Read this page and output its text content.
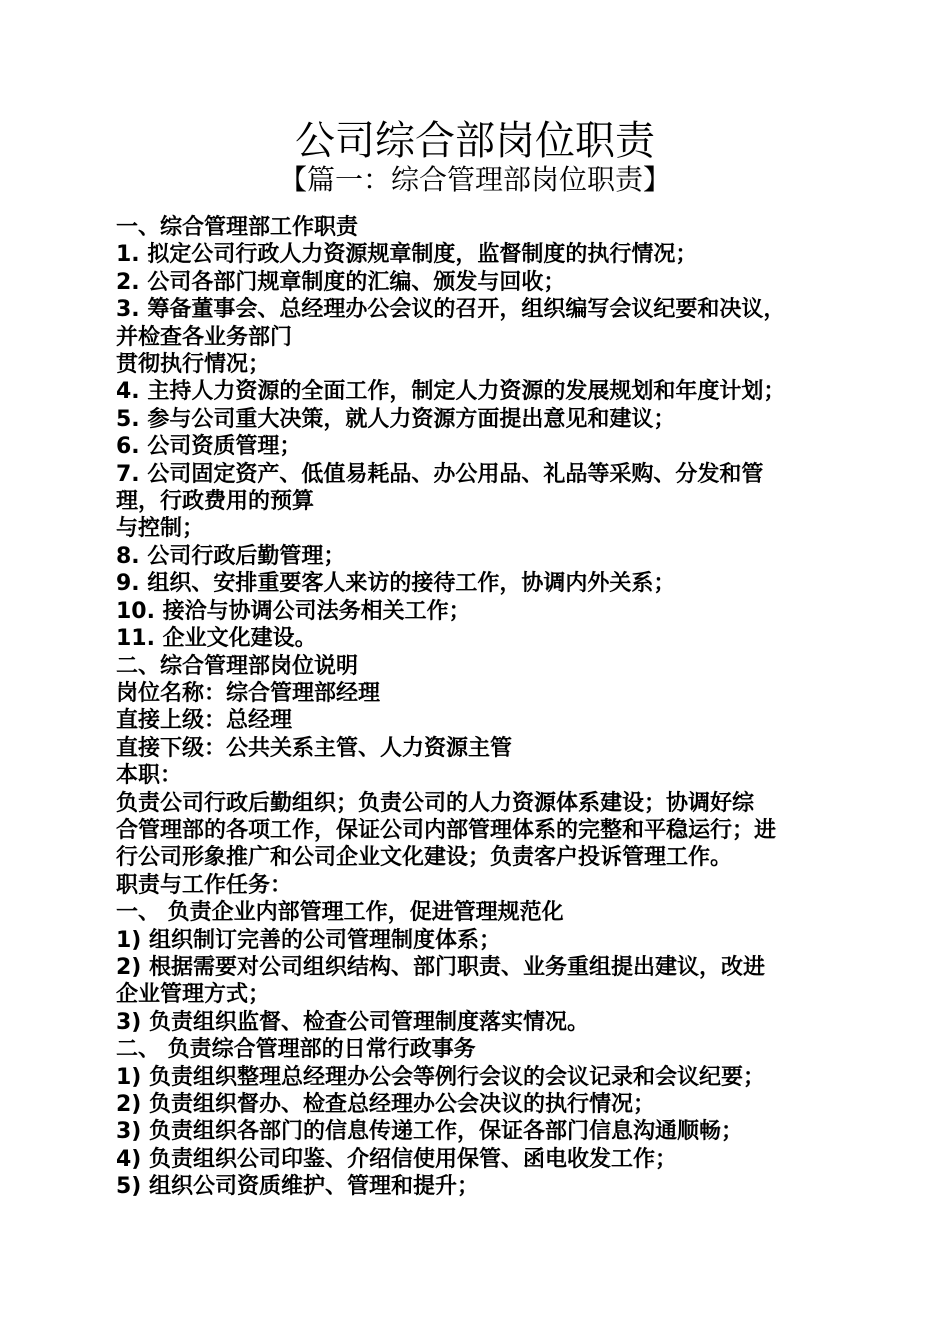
公司综合部岗位职责
【篇一：综合管理部岗位职责】

一、综合管理部工作职责

1. 拟定公司行政人力资源规章制度，监督制度的执行情况；

2. 公司各部门规章制度的汇编、颁发与回收；

3. 筹备董事会、总经理办公会议的召开，组织编写会议纪要和决议，

并检查各业务部门

贯彻执行情况；

4. 主持人力资源的全面工作，制定人力资源的发展规划和年度计划；

5. 参与公司重大决策，就人力资源方面提出意见和建议；

6. 公司资质管理；

7. 公司固定资产、低值易耗品、办公用品、礼品等采购、分发和管

理，行政费用的预算

与控制；

8. 公司行政后勤管理；

9. 组织、安排重要客人来访的接待工作，协调内外关系；

10. 接洽与协调公司法务相关工作；

11. 企业文化建设。

二、综合管理部岗位说明

岗位名称：综合管理部经理

直接上级：总经理

直接下级：公共关系主管、人力资源主管

本职：

负责公司行政后勤组织；负责公司的人力资源体系建设；协调好综

合管理部的各项工作，保证公司内部管理体系的完整和平稳运行；进

行公司形象推广和公司企业文化建设；负责客户投诉管理工作。

职责与工作任务：

一、 负责企业内部管理工作，促进管理规范化

1) 组织制订完善的公司管理制度体系；

2) 根据需要对公司组织结构、部门职责、业务重组提出建议，改进

企业管理方式；

3) 负责组织监督、检查公司管理制度落实情况。

二、 负责综合管理部的日常行政事务

1) 负责组织整理总经理办公会等例行会议的会议记录和会议纪要；

2) 负责组织督办、检查总经理办公会决议的执行情况；

3) 负责组织各部门的信息传递工作，保证各部门信息沟通顺畅；

4) 负责组织公司印鉴、介绍信使用保管、函电收发工作；

5) 组织公司资质维护、管理和提升；
